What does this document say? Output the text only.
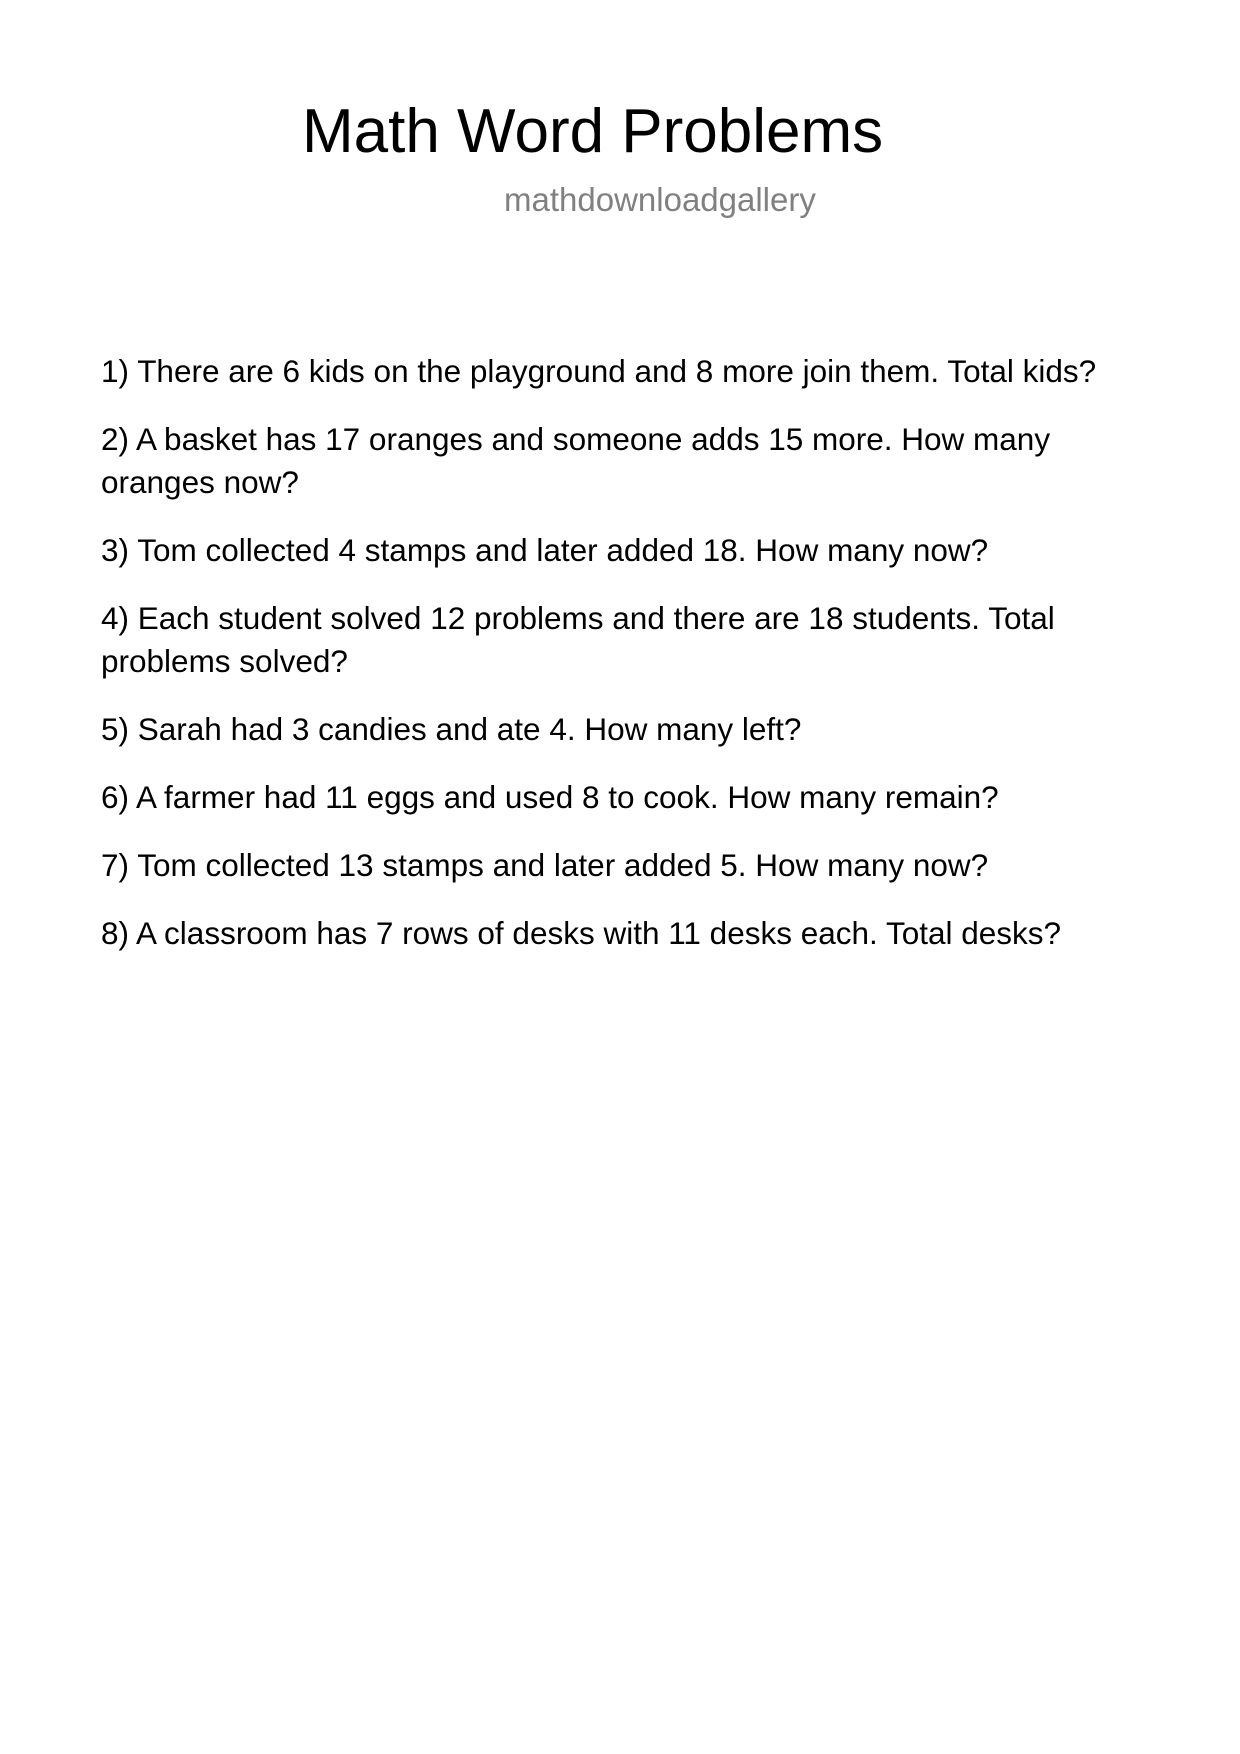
Math Word Problems
mathdownloadgallery
1) There are 6 kids on the playground and 8 more join them. Total kids?
2) A basket has 17 oranges and someone adds 15 more. How many oranges now?
3) Tom collected 4 stamps and later added 18. How many now?
4) Each student solved 12 problems and there are 18 students. Total problems solved?
5) Sarah had 3 candies and ate 4. How many left?
6) A farmer had 11 eggs and used 8 to cook. How many remain?
7) Tom collected 13 stamps and later added 5. How many now?
8) A classroom has 7 rows of desks with 11 desks each. Total desks?
